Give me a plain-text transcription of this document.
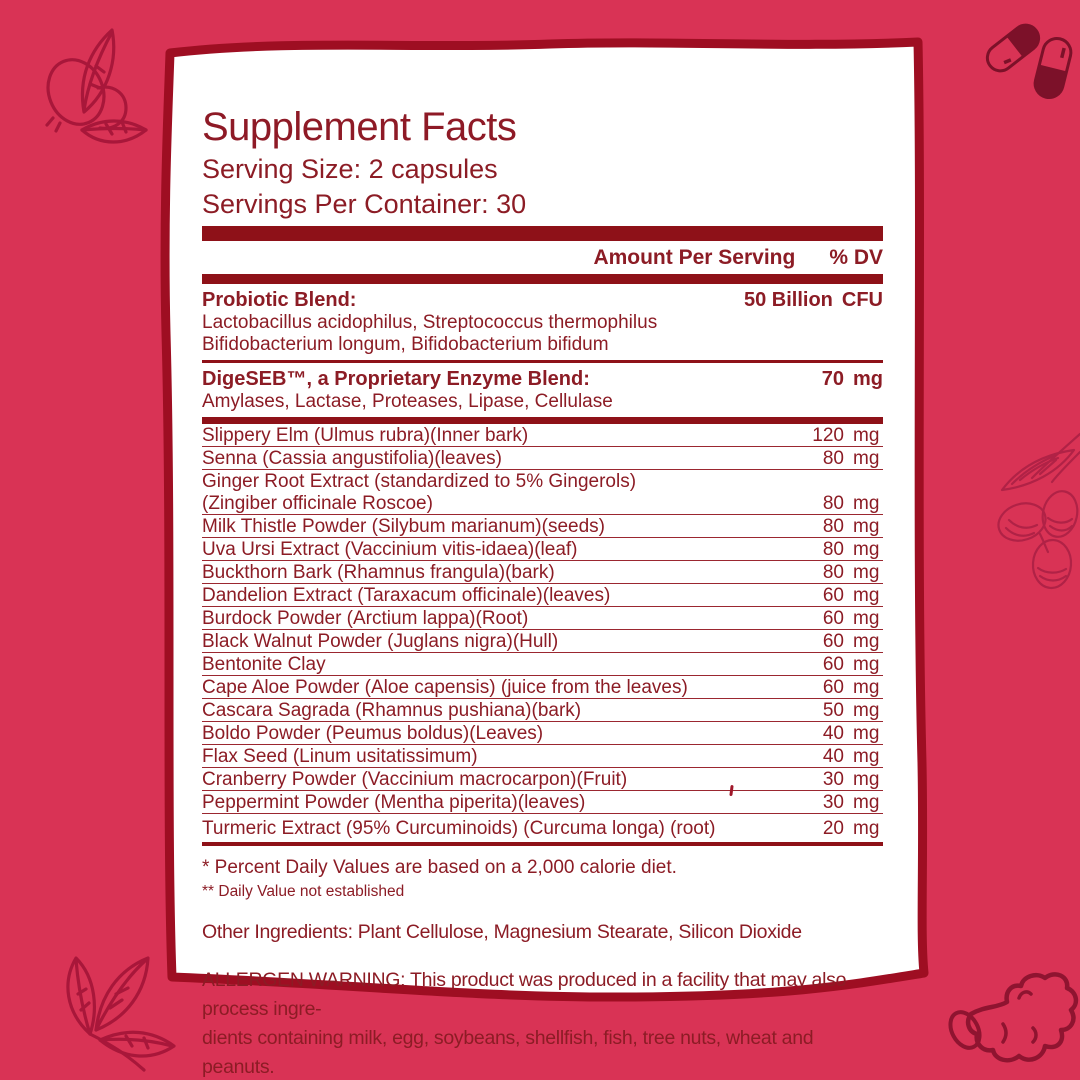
Supplement Facts
Serving Size: 2 capsules
Servings Per Container: 30
Amount Per Serving % DV
Probiotic Blend:	50 Billion CFU
Lactobacillus acidophilus, Streptococcus thermophilus
Bifidobacterium longum, Bifidobacterium bifidum
DigeSEB™, a Proprietary Enzyme Blend:	70 mg
Amylases, Lactase, Proteases, Lipase, Cellulase
Slippery Elm (Ulmus rubra)(Inner bark)	120 mg
Senna (Cassia angustifolia)(leaves)	80 mg
Ginger Root Extract (standardized to 5% Gingerols)
(Zingiber officinale Roscoe)	80 mg
Milk Thistle Powder (Silybum marianum)(seeds)	80 mg
Uva Ursi Extract (Vaccinium vitis-idaea)(leaf)	80 mg
Buckthorn Bark (Rhamnus frangula)(bark)	80 mg
Dandelion Extract (Taraxacum officinale)(leaves)	60 mg
Burdock Powder (Arctium lappa)(Root)	60 mg
Black Walnut Powder (Juglans nigra)(Hull)	60 mg
Bentonite Clay	60 mg
Cape Aloe Powder (Aloe capensis) (juice from the leaves)	60 mg
Cascara Sagrada (Rhamnus pushiana)(bark)	50 mg
Boldo Powder (Peumus boldus)(Leaves)	40 mg
Flax Seed (Linum usitatissimum)	40 mg
Cranberry Powder (Vaccinium macrocarpon)(Fruit)	30 mg
Peppermint Powder (Mentha piperita)(leaves)	30 mg
Turmeric Extract (95% Curcuminoids) (Curcuma longa) (root)	20 mg
* Percent Daily Values are based on a 2,000 calorie diet.
** Daily Value not established
Other Ingredients: Plant Cellulose, Magnesium Stearate, Silicon Dioxide
ALLERGEN WARNING: This product was produced in a facility that may also process ingre-
dients containing milk, egg, soybeans, shellfish, fish, tree nuts, wheat and peanuts.
